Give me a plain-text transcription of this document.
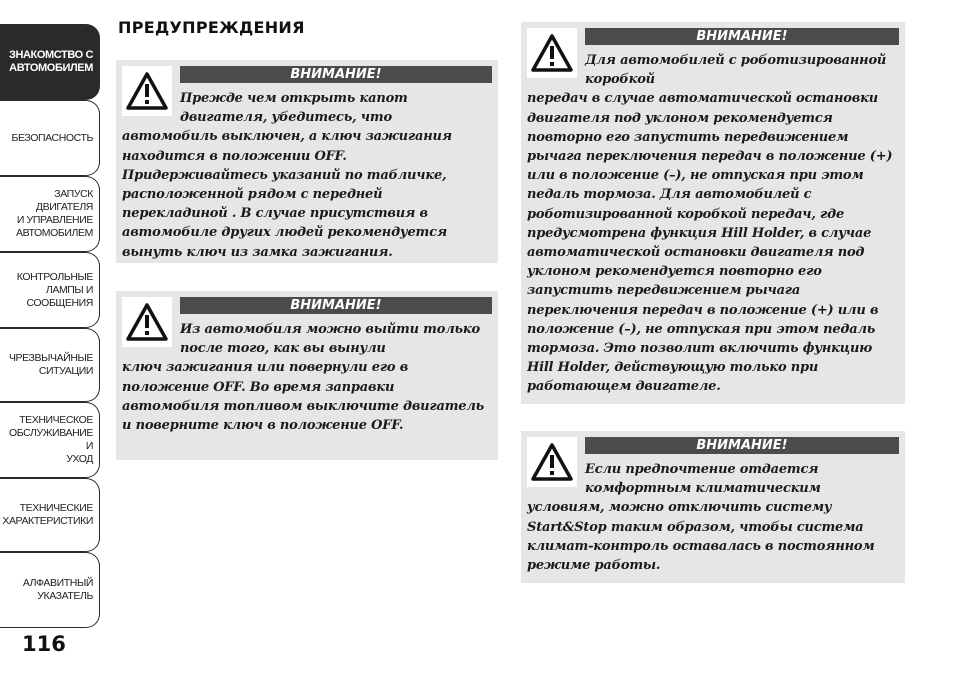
ЗНАКОМСТВО С
АВТОМОБИЛЕМ
БЕЗОПАСНОСТЬ
ЗАПУСК ДВИГАТЕЛЯ
И УПРАВЛЕНИЕ
АВТОМОБИЛЕМ
КОНТРОЛЬНЫЕ
ЛАМПЫ И
СООБЩЕНИЯ
ЧРЕЗВЫЧАЙНЫЕ
СИТУАЦИИ
ТЕХНИЧЕСКОЕ
ОБСЛУЖИВАНИЕ И
УХОД
ТЕХНИЧЕСКИЕ
ХАРАКТЕРИСТИКИ
АЛФАВИТНЫЙ
УКАЗАТЕЛЬ
116
ПРЕДУПРЕЖДЕНИЯ
ВНИМАНИЕ!
Прежде чем открыть капот двигателя, убедитесь, что
автомобиль выключен, а ключ зажигания находится в положении OFF. Придерживайтесь указаний по табличке, расположенной рядом с передней перекладиной . В случае присутствия в автомобиле других людей рекомендуется вынуть ключ из замка зажигания.
ВНИМАНИЕ!
Из автомобиля можно выйти только после того, как вы вынули
ключ зажигания или повернули его в положение OFF. Во время заправки автомобиля топливом выключите двигатель и поверните ключ в положение OFF.
ВНИМАНИЕ!
Для автомобилей с роботизированной коробкой
передач в случае автоматической остановки двигателя под уклоном рекомендуется повторно его запустить передвижением рычага переключения передач в положение (+) или в положение (–), не отпуская при этом педаль тормоза. Для автомобилей с роботизированной коробкой передач, где предусмотрена функция Hill Holder, в случае автоматической остановки двигателя под уклоном рекомендуется повторно его запустить передвижением рычага переключения передач в положение (+) или в положение (–), не отпуская при этом педаль тормоза. Это позволит включить функцию Hill Holder, действующую только при работающем двигателе.
ВНИМАНИЕ!
Если предпочтение отдается комфортным климатическим
условиям, можно отключить систему Start&Stop таким образом, чтобы система климат-контроль оставалась в постоянном режиме работы.
